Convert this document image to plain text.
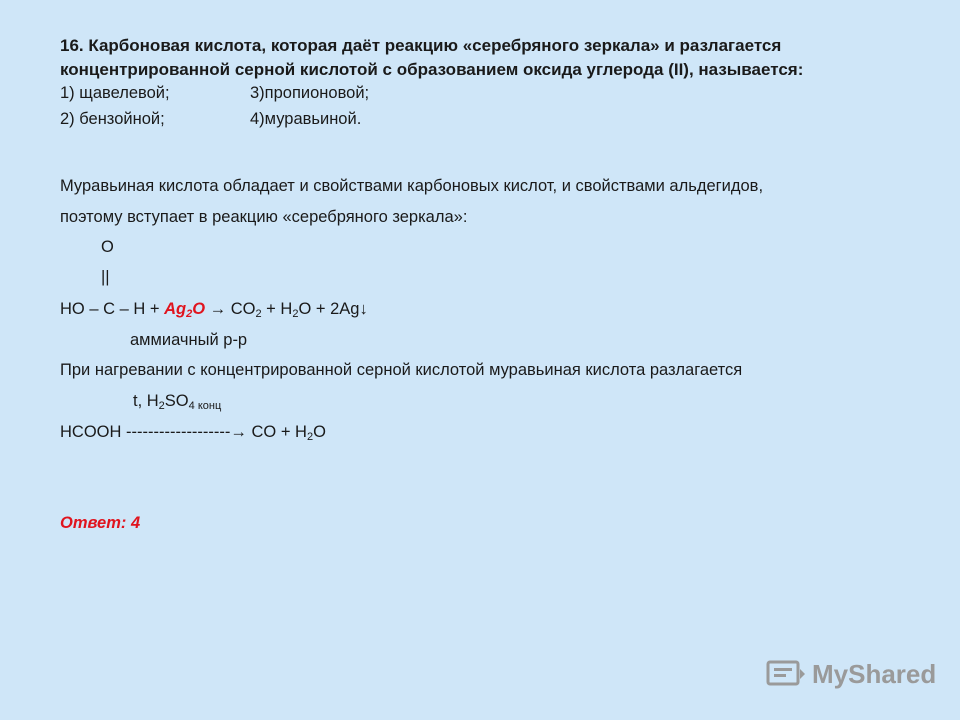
16. Карбоновая кислота, которая даёт реакцию «серебряного зеркала» и разлагается
концентрированной серной кислотой с образованием оксида углерода (II), называется:
1) щавелевой;	3)пропионовой;
2) бензойной;	4)муравьиной.
Муравьиная кислота обладает и свойствами карбоновых кислот, и свойствами альдегидов,
поэтому вступает в реакцию «серебряного зеркала»:
O
||
HO – $C - H + Ag_2O \to CO_2 + H_2O$ + 2Ag↓
аммиачный р-р
При нагревании с концентрированной серной кислотой муравьиная кислота разлагается
t, $H_2SO_{4 конц}$
HCOOH -------------------→ CO + $H_2O$
Ответ: 4
MyShared
